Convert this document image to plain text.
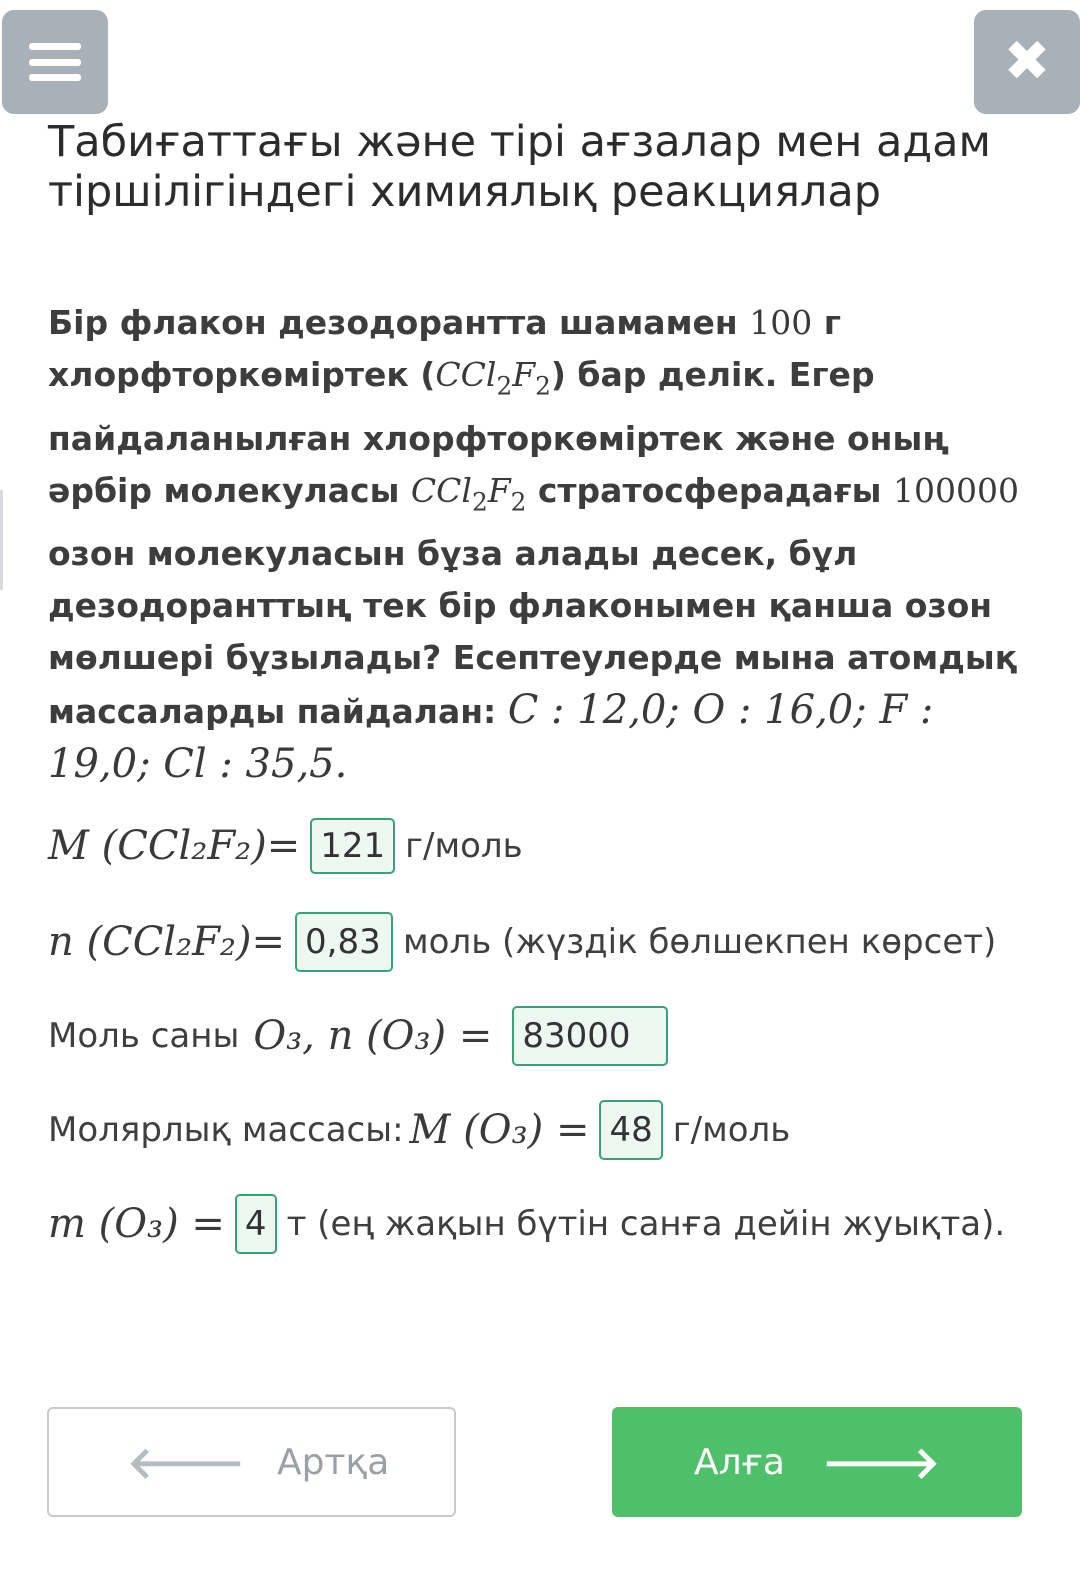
✖
Табиғаттағы және тірі ағзалар мен адам тіршілігіндегі химиялық реакциялар
Бір флакон дезодорантта шамамен 100 г хлорфторкөміртек $(CCl_2F_2)$ бар делік. Егер пайдаланылған хлорфторкөміртек және оның әрбір молекуласы $CCl_2F_2$ стратосферадағы 100000 озон молекуласын бұза алады десек, бұл дезодоранттың тек бір флаконымен қанша озон мөлшері бұзылады? Есептеулерде мына атомдық массаларды пайдалан: C : 12,0; O : 16,0; F : 19,0; Cl : 35,5.
M (CCl₂F₂)= 121 г/моль
n (CCl₂F₂)= 0,83 моль (жүздік бөлшекпен көрсет)
Моль саны O₃, n (O₃) = 83000
Молярлық массасы: M (O₃) = 48 г/моль
m (O₃) = 4 т (ең жақын бүтін санға дейін жуықта).
🡐 Артқа	Алға 🡒
